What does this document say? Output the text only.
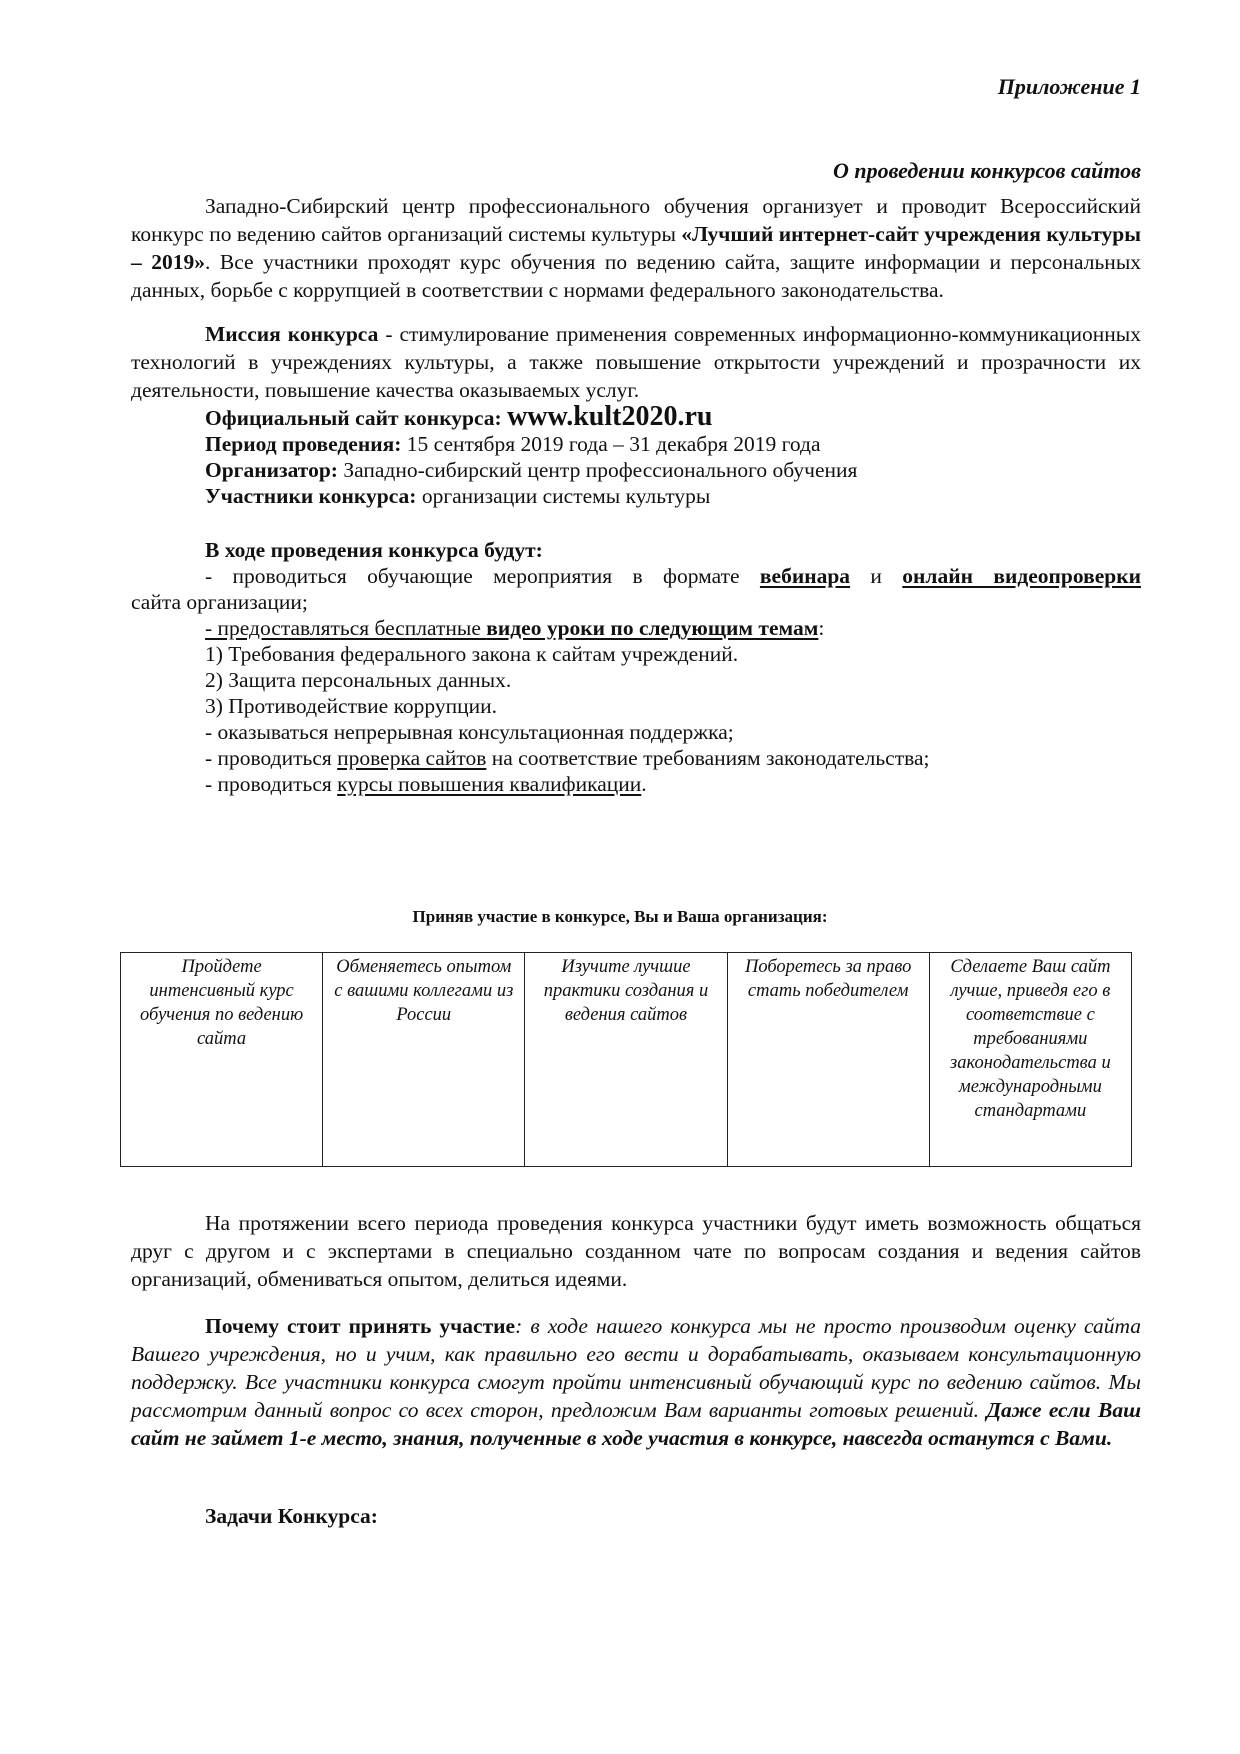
Приложение 1
О проведении конкурсов сайтов

Западно-Сибирский центр профессионального обучения организует и проводит Всероссийский конкурс по ведению сайтов организаций системы культуры «Лучший интернет-сайт учреждения культуры – 2019». Все участники проходят курс обучения по ведению сайта, защите информации и персональных данных, борьбе с коррупцией в соответствии с нормами федерального законодательства.

Миссия конкурса - стимулирование применения современных информационно-коммуникационных технологий в учреждениях культуры, а также повышение открытости учреждений и прозрачности их деятельности, повышение качества оказываемых услуг.

Официальный сайт конкурса: www.kult2020.ru
Период проведения: 15 сентября 2019 года – 31 декабря 2019 года
Организатор: Западно-сибирский центр профессионального обучения
Участники конкурса: организации системы культуры
В ходе проведения конкурса будут:

- проводиться обучающие мероприятия в формате вебинара и онлайн видеопроверки

сайта организации;
- предоставляться бесплатные видео уроки по следующим темам:
1) Требования федерального закона к сайтам учреждений.
2) Защита персональных данных.
3) Противодействие коррупции.
- оказываться непрерывная консультационная поддержка;
- проводиться проверка сайтов на соответствие требованиям законодательства;
- проводиться курсы повышения квалификации.
Приняв участие в конкурсе, Вы и Ваша организация:
Пройдете интенсивный курс обучения по ведению сайта	Обменяетесь опытом с вашими коллегами из России	Изучите лучшие практики создания и ведения сайтов	Поборетесь за право стать победителем	Сделаете Ваш сайт лучше, приведя его в соответствие с требованиями законодательства и международными стандартами

На протяжении всего периода проведения конкурса участники будут иметь возможность общаться друг с другом и с экспертами в специально созданном чате по вопросам создания и ведения сайтов организаций, обмениваться опытом, делиться идеями.

Почему стоит принять участие: в ходе нашего конкурса мы не просто производим оценку сайта Вашего учреждения, но и учим, как правильно его вести и дорабатывать, оказываем консультационную поддержку. Все участники конкурса смогут пройти интенсивный обучающий курс по ведению сайтов. Мы рассмотрим данный вопрос со всех сторон, предложим Вам варианты готовых решений. Даже если Ваш сайт не займет 1-е место, знания, полученные в ходе участия в конкурсе, навсегда останутся с Вами.

Задачи Конкурса:
